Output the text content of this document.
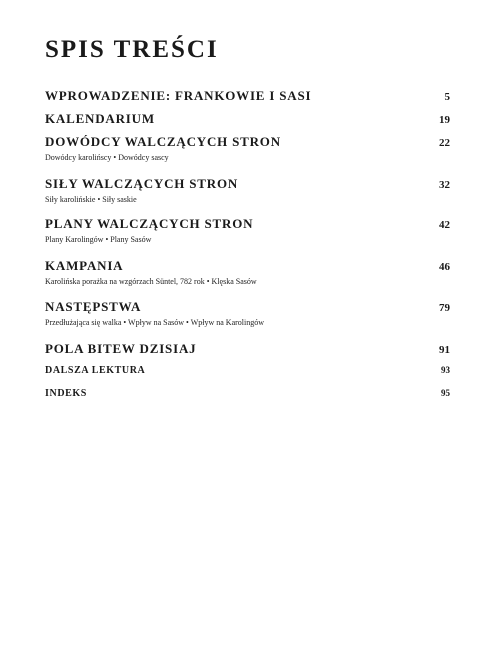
SPIS TREŚCI
WPROWADZENIE: FRANKOWIE I SASI	5
KALENDARIUM	19
DOWÓDCY WALCZĄCYCH STRON	22
Dowódcy karolińscy • Dowódcy sascy
SIŁY WALCZĄCYCH STRON	32
Siły karolińskie • Siły saskie
PLANY WALCZĄCYCH STRON	42
Plany Karolingów • Plany Sasów
KAMPANIA	46
Karolińska porażka na wzgórzach Süntel, 782 rok • Klęska Sasów
NASTĘPSTWA	79
Przedłużająca się walka • Wpływ na Sasów • Wpływ na Karolingów
POLA BITEW DZISIAJ	91
DALSZA LEKTURA	93
INDEKS	95
